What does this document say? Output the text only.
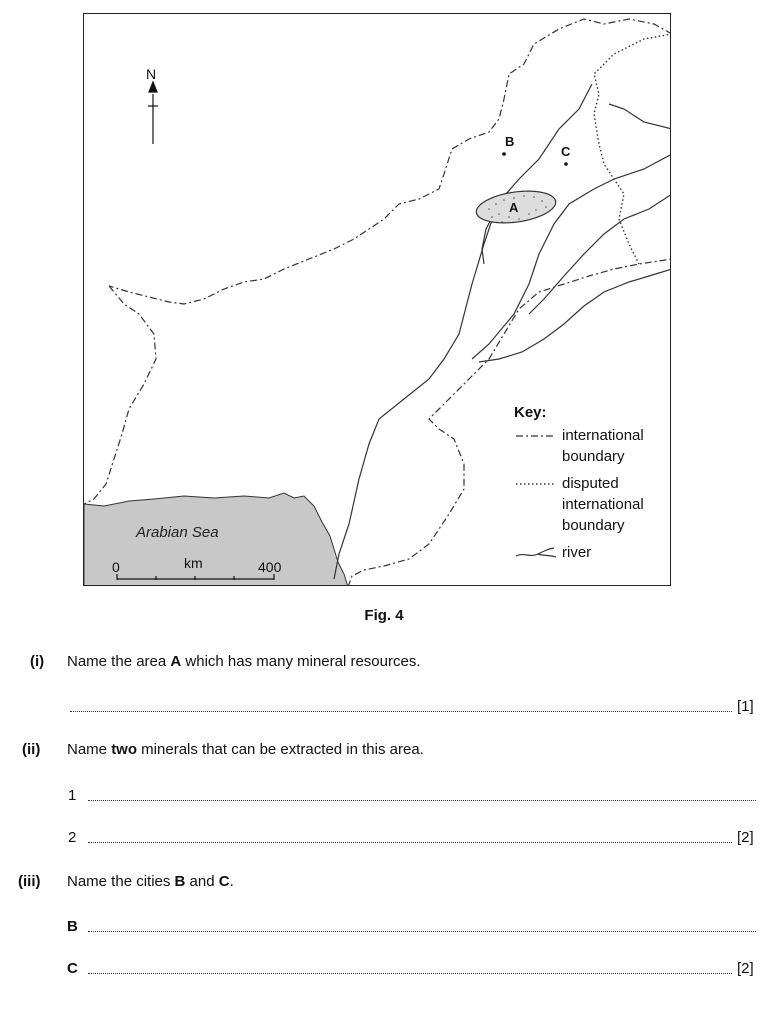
N
B
C
A
Arabian Sea
0	km	400
Key:
international
boundary
disputed
international
boundary
river
Fig. 4
(i) Name the area A which has many mineral resources.
[1]
(ii) Name two minerals that can be extracted in this area.
1
2	[2]
(iii) Name the cities B and C.
B
C	[2]
